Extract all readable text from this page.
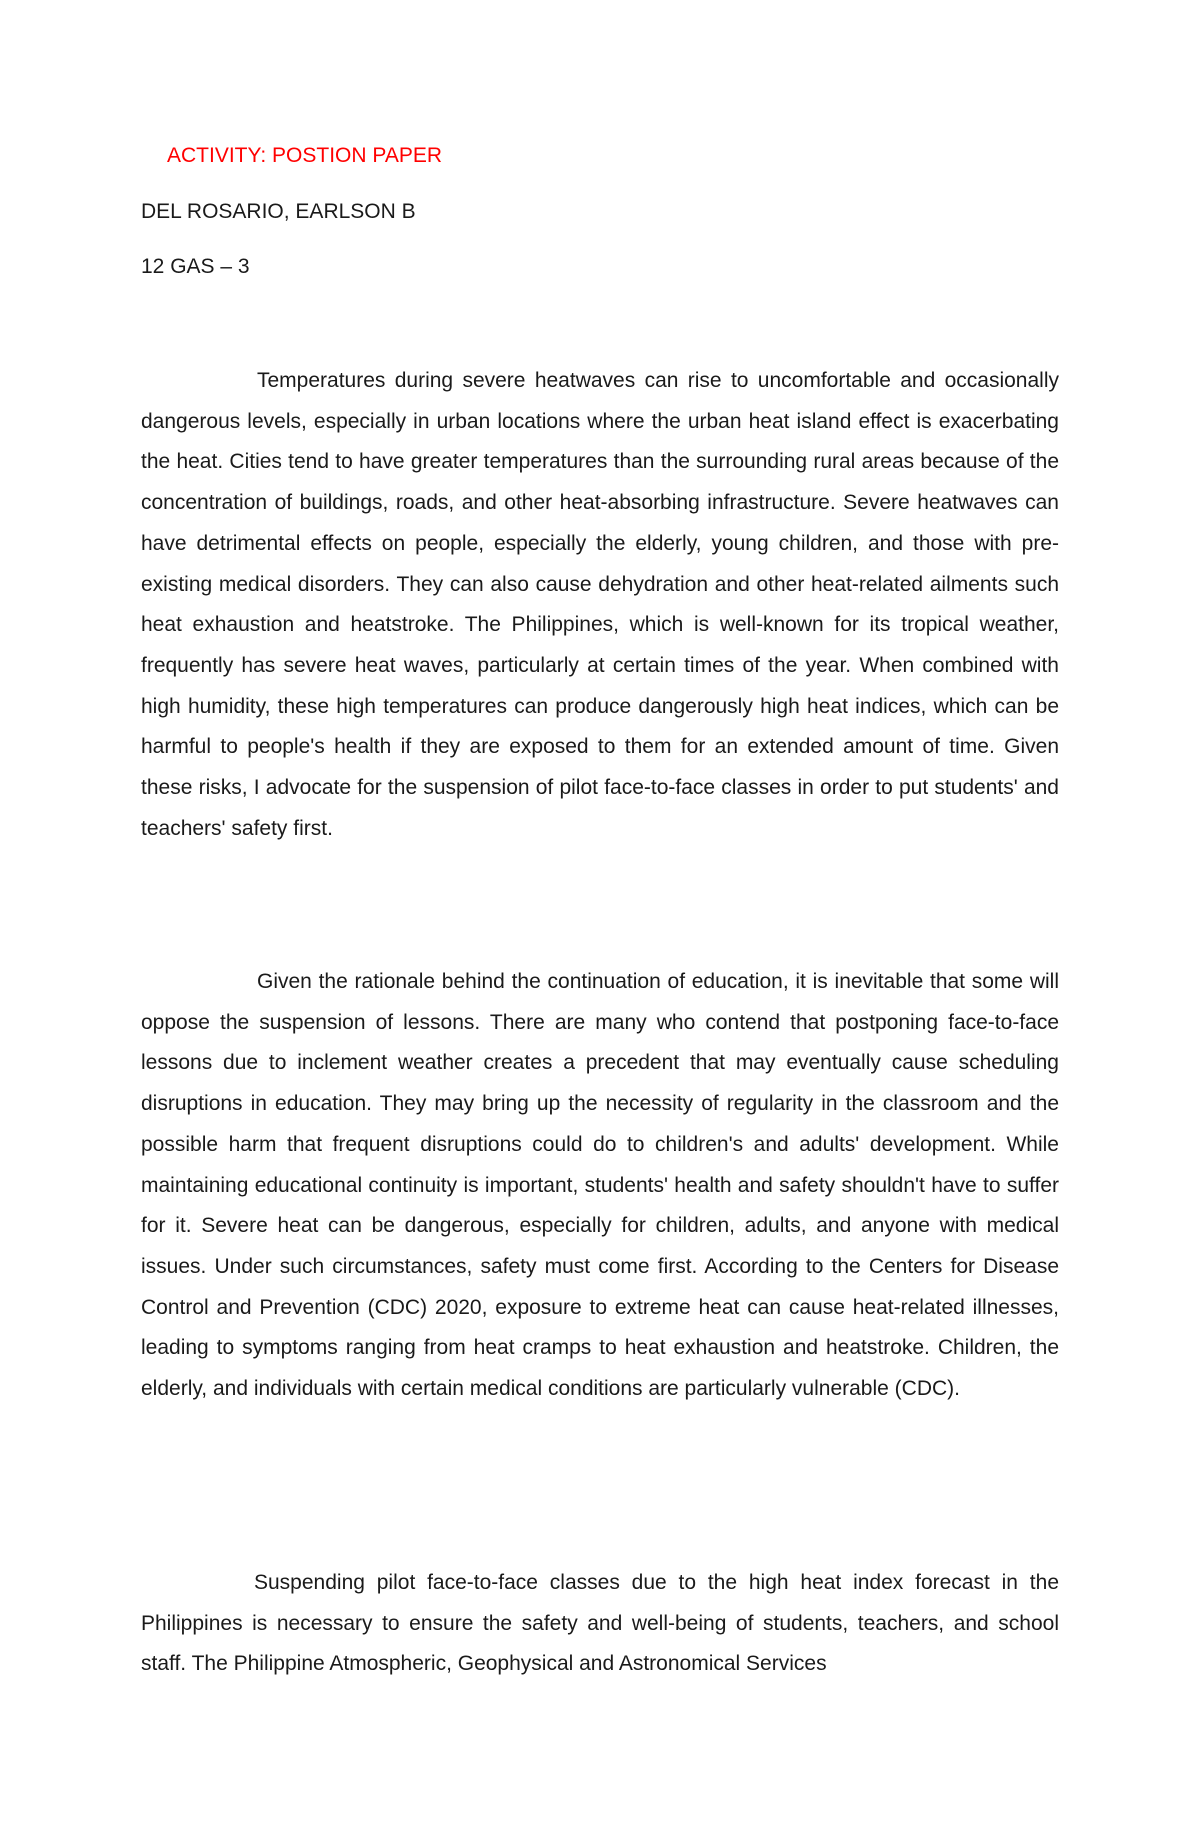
ACTIVITY: POSTION PAPER
DEL ROSARIO, EARLSON B
12 GAS – 3

Temperatures during severe heatwaves can rise to uncomfortable and occasionally dangerous levels, especially in urban locations where the urban heat island effect is exacerbating the heat. Cities tend to have greater temperatures than the surrounding rural areas because of the concentration of buildings, roads, and other heat-absorbing infrastructure. Severe heatwaves can have detrimental effects on people, especially the elderly, young children, and those with pre-existing medical disorders. They can also cause dehydration and other heat-related ailments such heat exhaustion and heatstroke. The Philippines, which is well-known for its tropical weather, frequently has severe heat waves, particularly at certain times of the year. When combined with high humidity, these high temperatures can produce dangerously high heat indices, which can be harmful to people's health if they are exposed to them for an extended amount of time. Given these risks, I advocate for the suspension of pilot face-to-face classes in order to put students' and teachers' safety first.

Given the rationale behind the continuation of education, it is inevitable that some will oppose the suspension of lessons. There are many who contend that postponing face-to-face lessons due to inclement weather creates a precedent that may eventually cause scheduling disruptions in education. They may bring up the necessity of regularity in the classroom and the possible harm that frequent disruptions could do to children's and adults' development. While maintaining educational continuity is important, students' health and safety shouldn't have to suffer for it. Severe heat can be dangerous, especially for children, adults, and anyone with medical issues. Under such circumstances, safety must come first. According to the Centers for Disease Control and Prevention (CDC) 2020, exposure to extreme heat can cause heat-related illnesses, leading to symptoms ranging from heat cramps to heat exhaustion and heatstroke. Children, the elderly, and individuals with certain medical conditions are particularly vulnerable (CDC).

Suspending pilot face-to-face classes due to the high heat index forecast in the Philippines is necessary to ensure the safety and well-being of students, teachers, and school staff. The Philippine Atmospheric, Geophysical and Astronomical Services
